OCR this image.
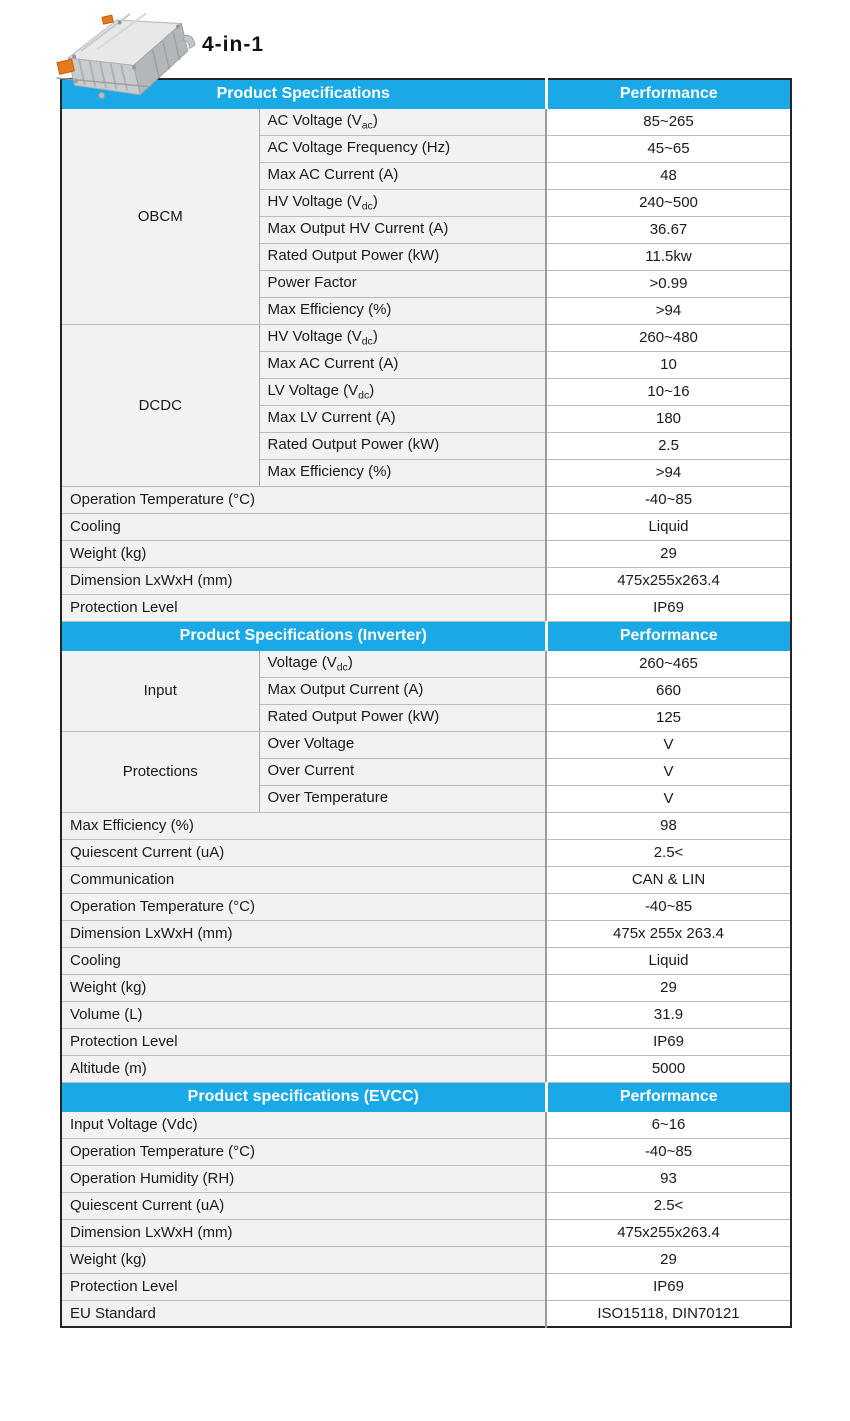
4-in-1
Product Specifications		Performance
OBCM	AC Voltage $(V_{ac})$	85~265
	AC Voltage Frequency (Hz)	45~65
	Max AC Current (A)	48
	HV Voltage $(V_{dc})$	240~500
	Max Output HV Current (A)	36.67
	Rated Output Power (kW)	11.5kw
	Power Factor	>0.99
	Max Efficiency (%)	>94
DCDC	HV Voltage $(V_{dc})$	260~480
	Max AC Current (A)	10
	LV Voltage $(V_{dc})$	10~16
	Max LV Current (A)	180
	Rated Output Power (kW)	2.5
	Max Efficiency (%)	>94
Operation Temperature (°C)		-40~85
Cooling		Liquid
Weight (kg)		29
Dimension LxWxH (mm)		475x255x263.4
Protection Level		IP69
Product Specifications (Inverter)		Performance
Input	Voltage $(V_{dc})$	260~465
	Max Output Current (A)	660
	Rated Output Power (kW)	125
Protections	Over Voltage	V
	Over Current	V
	Over Temperature	V
Max Efficiency (%)		98
Quiescent Current (uA)		2.5<
Communication		CAN & LIN
Operation Temperature (°C)		-40~85
Dimension LxWxH (mm)		475x 255x 263.4
Cooling		Liquid
Weight (kg)		29
Volume (L)		31.9
Protection Level		IP69
Altitude (m)		5000
Product specifications (EVCC)		Performance
Input Voltage (Vdc)		6~16
Operation Temperature (°C)		-40~85
Operation Humidity (RH)		93
Quiescent Current (uA)		2.5<
Dimension LxWxH (mm)		475x255x263.4
Weight (kg)		29
Protection Level		IP69
EU Standard		ISO15118, DIN70121
